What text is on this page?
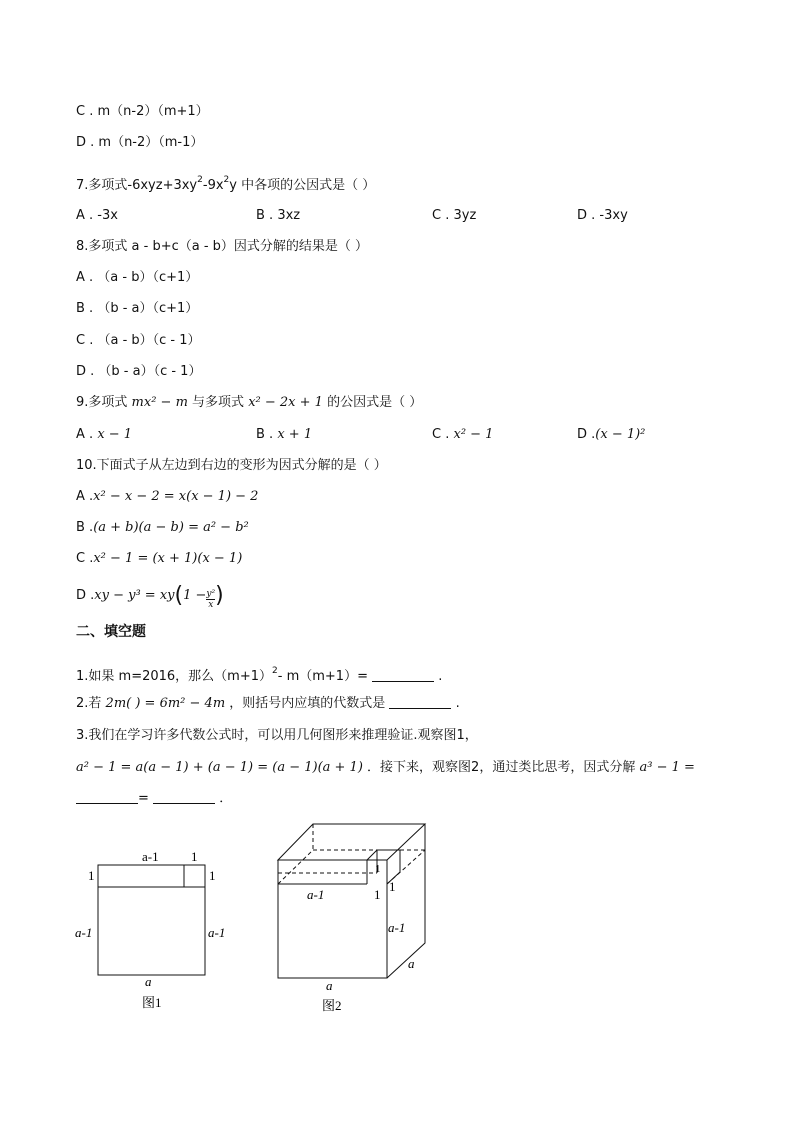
C . m（n-2）（m+1）
D . m（n-2）（m-1）
7.多项式$-6xyz+3xy^2-9x^2y$ 中各项的公因式是（ ）
A . -3x	B . 3xz	C . 3yz	D . -3xy
8.多项式 a - b+c（a - b）因式分解的结果是（ ）
A . （a - b）（c+1）
B . （b - a）（c+1）
C . （a - b）（c - 1）
D . （b - a）（c - 1）
9.多项式 mx² − m 与多项式 x² − 2x + 1 的公因式是（ ）
A . x − 1	B . x + 1	C . x² − 1	D .(x − 1)²
10.下面式子从左边到右边的变形为因式分解的是（ ）
A .x² − x − 2 = x(x − 1) − 2
B .(a + b)(a − b) = a² − b²
C .x² − 1 = (x + 1)(x − 1)
D $.xy - y^3 = xy(1 - \frac{\text{y²}}{x}$ )
二、填空题
1.如果 m=2016，那么$(m+1)^2-$ m（m+1）=	.
2.若 2m( ) = 6m² − 4m ，则括号内应填的代数式是	.
3.我们在学习许多代数公式时，可以用几何图形来推理验证.观察图1，
a² − 1 = a(a − 1) + (a − 1) = (a − 1)(a + 1) ．接下来，观察图2，通过类比思考，因式分解 a³ − 1 =
=	．
a-1 1
1	1
a-1	a-1
a
图1
a-1	1
1
1
a-1
a
a
图2
